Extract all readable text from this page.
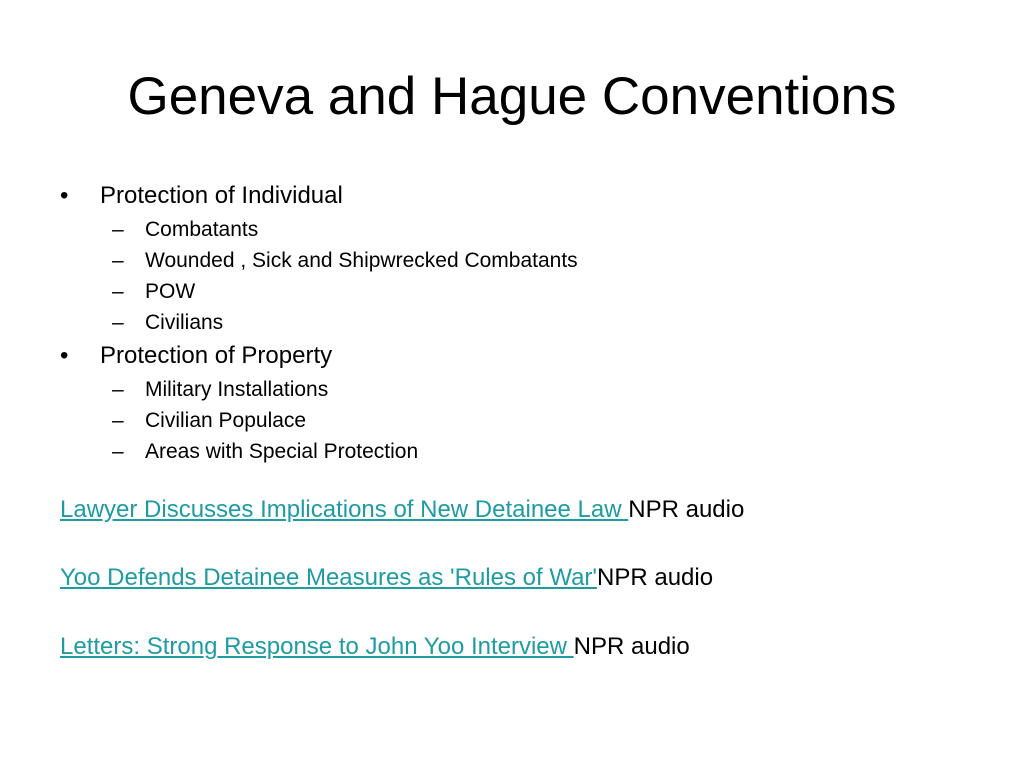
Geneva and Hague Conventions
• Protection of Individual
– Combatants
– Wounded , Sick and Shipwrecked Combatants
– POW
– Civilians
• Protection of Property
– Military Installations
– Civilian Populace
– Areas with Special Protection
Lawyer Discusses Implications of New Detainee Law NPR audio
Yoo Defends Detainee Measures as 'Rules of War'NPR audio
Letters: Strong Response to John Yoo Interview NPR audio
